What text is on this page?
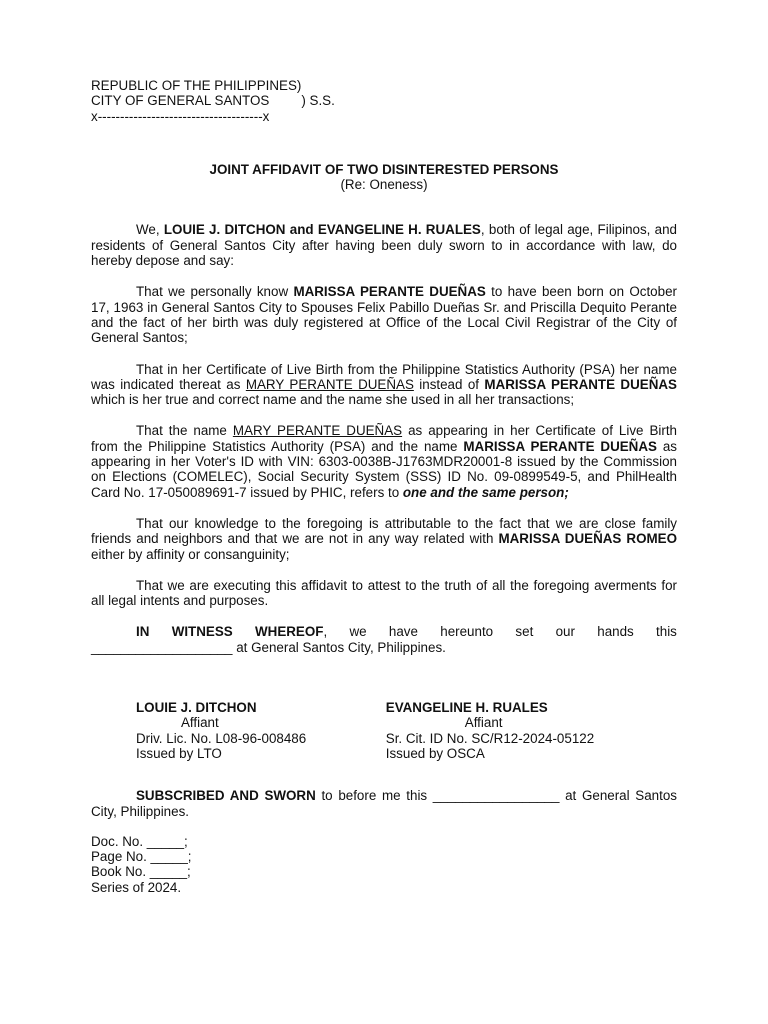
REPUBLIC OF THE PHILIPPINES)

CITY OF GENERAL SANTOS ) S.S.

x-------------------------------------x

JOINT AFFIDAVIT OF TWO DISINTERESTED PERSONS

(Re: Oneness)

We, LOUIE J. DITCHON and EVANGELINE H. RUALES, both of legal age, Filipinos, and residents of General Santos City after having been duly sworn to in accordance with law, do hereby depose and say:

That we personally know MARISSA PERANTE DUEÑAS to have been born on October 17, 1963 in General Santos City to Spouses Felix Pabillo Dueñas Sr. and Priscilla Dequito Perante and the fact of her birth was duly registered at Office of the Local Civil Registrar of the City of General Santos;

That in her Certificate of Live Birth from the Philippine Statistics Authority (PSA) her name was indicated thereat as MARY PERANTE DUEÑAS instead of MARISSA PERANTE DUEÑAS which is her true and correct name and the name she used in all her transactions;

That the name MARY PERANTE DUEÑAS as appearing in her Certificate of Live Birth from the Philippine Statistics Authority (PSA) and the name MARISSA PERANTE DUEÑAS as appearing in her Voter's ID with VIN: 6303-0038B-J1763MDR20001-8 issued by the Commission on Elections (COMELEC), Social Security System (SSS) ID No. 09-0899549-5, and PhilHealth Card No. 17-050089691-7 issued by PHIC, refers to one and the same person;

That our knowledge to the foregoing is attributable to the fact that we are close family friends and neighbors and that we are not in any way related with MARISSA DUEÑAS ROMEO either by affinity or consanguinity;

That we are executing this affidavit to attest to the truth of all the foregoing averments for all legal intents and purposes.

IN WITNESS WHEREOF, we have hereunto set our hands this

___________________ at General Santos City, Philippines.

LOUIE J. DITCHON

Affiant

Driv. Lic. No. L08-96-008486

Issued by LTO

EVANGELINE H. RUALES

Affiant

Sr. Cit. ID No. SC/R12-2024-05122

Issued by OSCA

SUBSCRIBED AND SWORN to before me this _________________ at General Santos City, Philippines.

Doc. No. _____;

Page No. _____;

Book No. _____;

Series of 2024.
